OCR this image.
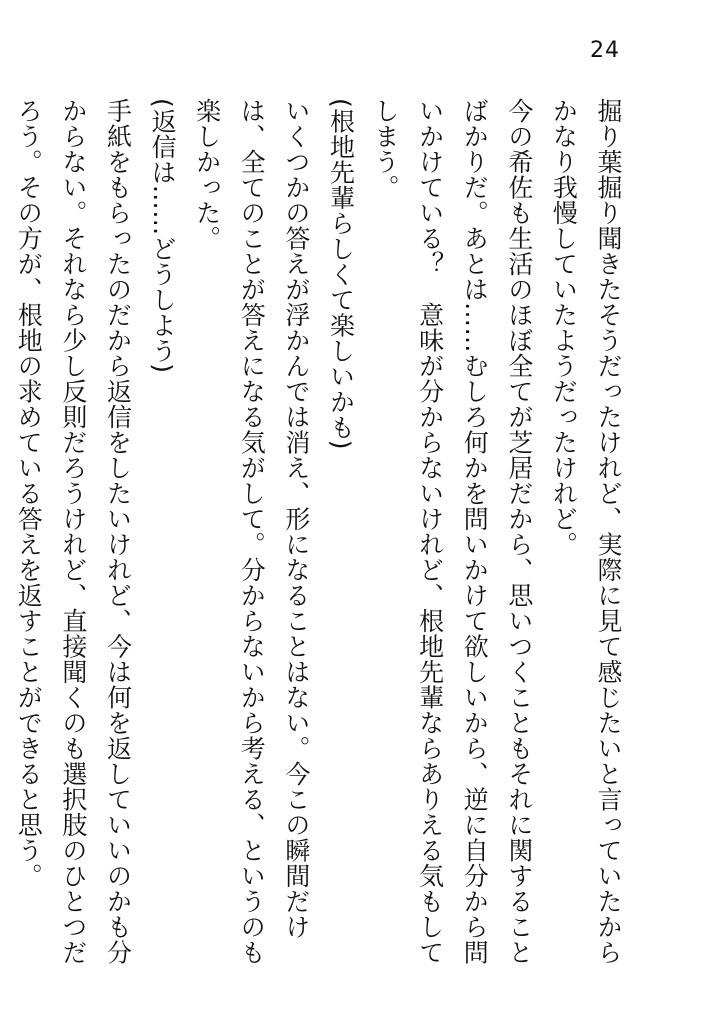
24

掘り葉掘り聞きたそうだったけれど、実際に見て感じたいと言っていたからかなり我慢していたようだったけれど。

今の希佐も生活のほぼ全てが芝居だから、思いつくこともそれに関することばかりだ。あとは……むしろ何かを問いかけて欲しいから、逆に自分から問いかけている？　意味が分からないけれど、根地先輩ならありえる気もしてしまう。

(根地先輩らしくて楽しいかも)

いくつかの答えが浮かんでは消え、形になることはない。今この瞬間だけは、全てのことが答えになる気がして。分からないから考える、というのも楽しかった。

(返信は……どうしよう)

手紙をもらったのだから返信をしたいけれど、今は何を返していいのかも分からない。それなら少し反則だろうけれど、直接聞くのも選択肢のひとつだろう。その方が、根地の求めている答えを返すことができると思う。
